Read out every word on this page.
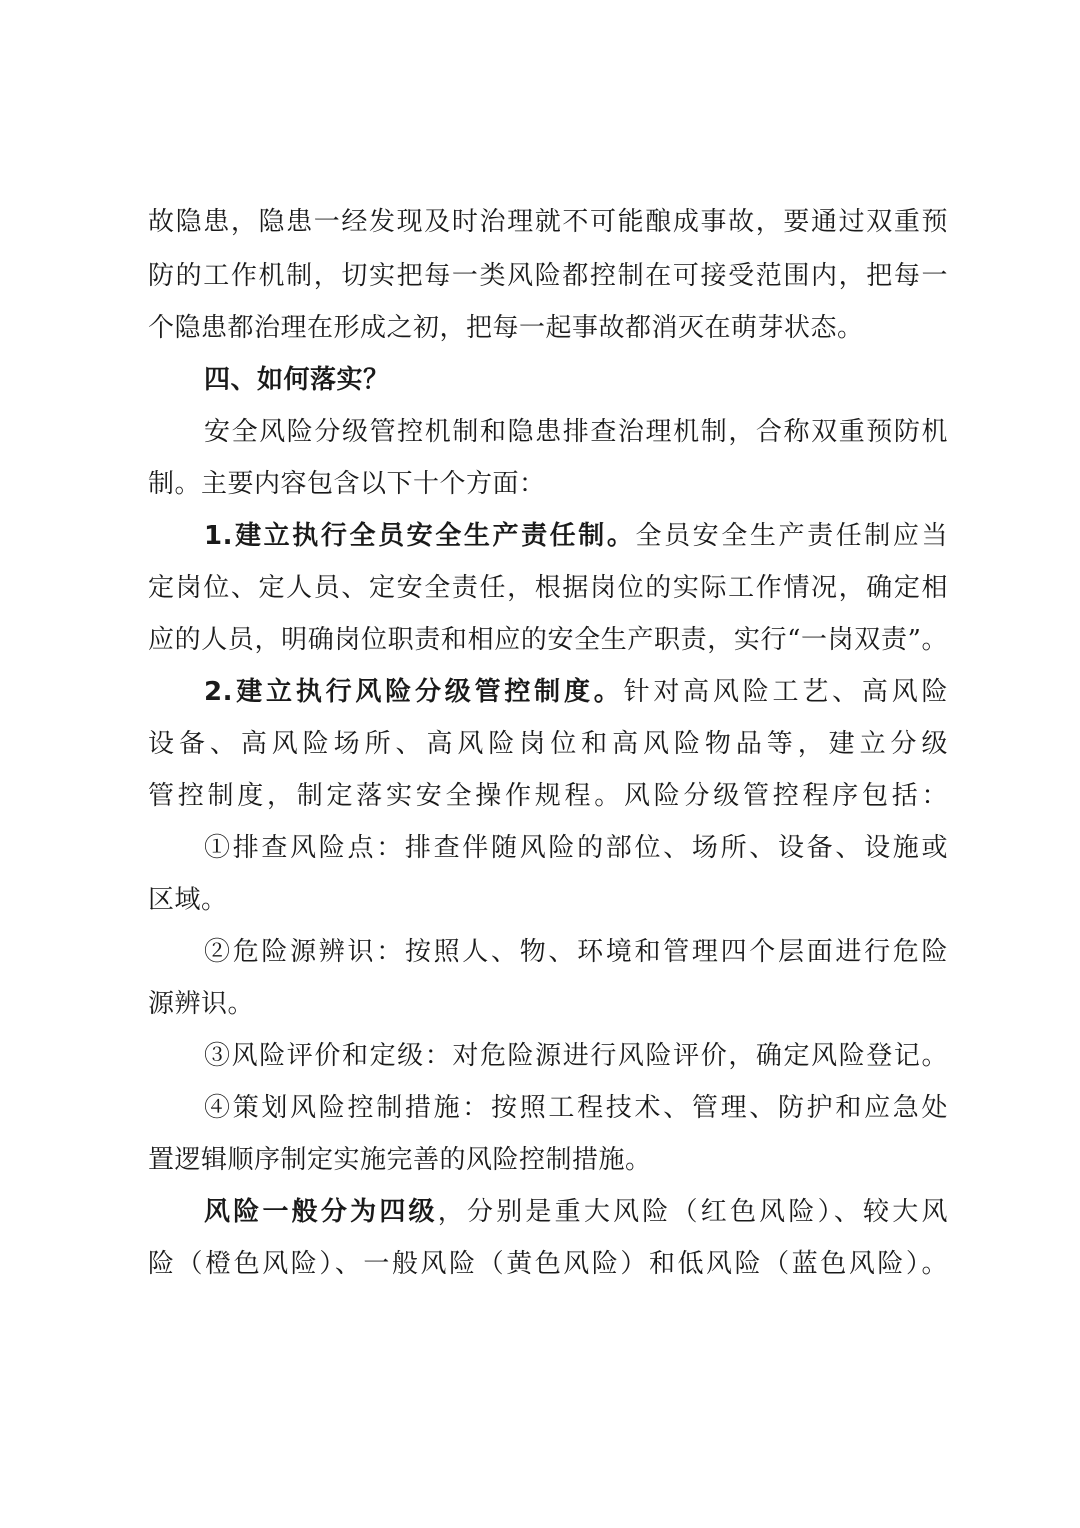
故隐患，隐患一经发现及时治理就不可能酿成事故，要通过双重预
防的工作机制，切实把每一类风险都控制在可接受范围内，把每一
个隐患都治理在形成之初，把每一起事故都消灭在萌芽状态。
四、如何落实？
安全风险分级管控机制和隐患排查治理机制，合称双重预防机
制。主要内容包含以下十个方面：
1.建立执行全员安全生产责任制。全员安全生产责任制应当
定岗位、定人员、定安全责任，根据岗位的实际工作情况，确定相
应的人员，明确岗位职责和相应的安全生产职责，实行“一岗双责”。
2.建立执行风险分级管控制度。针对高风险工艺、高风险
设备、高风险场所、高风险岗位和高风险物品等，建立分级
管控制度，制定落实安全操作规程。风险分级管控程序包括：
①排查风险点：排查伴随风险的部位、场所、设备、设施或
区域。
②危险源辨识：按照人、物、环境和管理四个层面进行危险
源辨识。
③风险评价和定级：对危险源进行风险评价，确定风险登记。
④策划风险控制措施：按照工程技术、管理、防护和应急处
置逻辑顺序制定实施完善的风险控制措施。
风险一般分为四级，分别是重大风险（红色风险）、较大风
险（橙色风险）、一般风险（黄色风险）和低风险（蓝色风险）。
